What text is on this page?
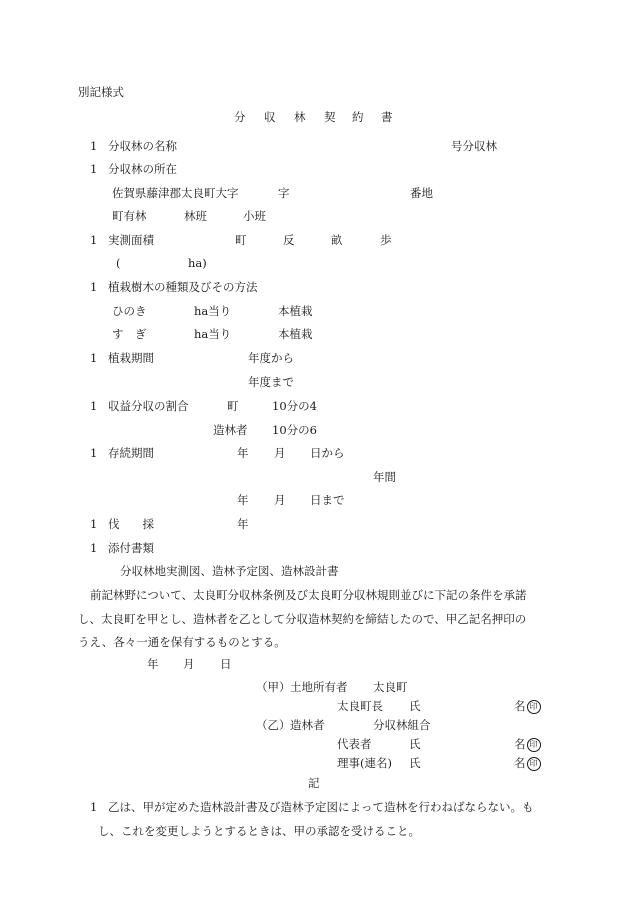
別記様式
分 収 林 契 約 書
1 分収林の名称	号分収林
1 分収林の所在
佐賀県藤津郡太良町大字	字	番地
町有林	林班	小班
1 実測面積	町	反	畝	歩
(	ha)
1 植栽樹木の種類及びその方法
ひのき	ha当り	本植栽
す　ぎ	ha当り	本植栽
1 植栽期間	年度から
年度まで
1 収益分収の割合	町	10分の4
造林者 10分の6
1 存続期間	年 月 日から
年間
年 月 日まで
1 伐　　採	年
1 添付書類
分収林地実測図、造林予定図、造林設計書
前記林野について、太良町分収林条例及び太良町分収林規則並びに下記の条件を承諾
し、太良町を甲とし、造林者を乙として分収造林契約を締結したので、甲乙記名押印の
うえ、各々一通を保有するものとする。
年 月 日
（甲） 土地所有者 太良町
太良町長 氏	名 印
（乙） 造林者	分収林組合
代表者	氏	名 印
理事(連名) 氏	名 印
記
1 乙は、甲が定めた造林設計書及び造林予定図によって造林を行わねばならない。も
し、これを変更しようとするときは、甲の承認を受けること。
